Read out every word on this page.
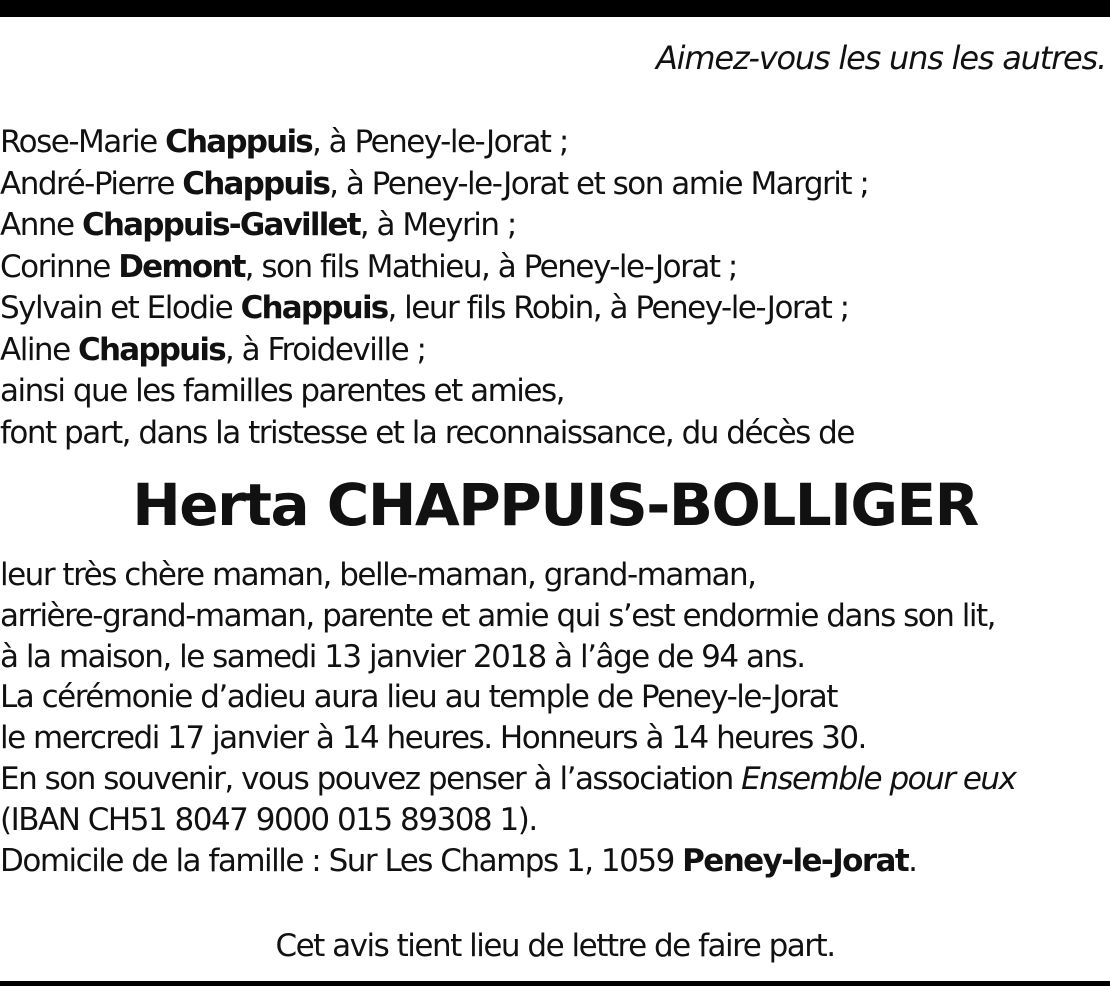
Aimez-vous les uns les autres.
Rose-Marie Chappuis, à Peney-le-Jorat ;
André-Pierre Chappuis, à Peney-le-Jorat et son amie Margrit ;
Anne Chappuis-Gavillet, à Meyrin ;
Corinne Demont, son fils Mathieu, à Peney-le-Jorat ;
Sylvain et Elodie Chappuis, leur fils Robin, à Peney-le-Jorat ;
Aline Chappuis, à Froideville ;
ainsi que les familles parentes et amies,
font part, dans la tristesse et la reconnaissance, du décès de
Herta CHAPPUIS-BOLLIGER
leur très chère maman, belle-maman, grand-maman,
arrière-grand-maman, parente et amie qui s’est endormie dans son lit,
à la maison, le samedi 13 janvier 2018 à l’âge de 94 ans.
La cérémonie d’adieu aura lieu au temple de Peney-le-Jorat
le mercredi 17 janvier à 14 heures. Honneurs à 14 heures 30.
En son souvenir, vous pouvez penser à l’association Ensemble pour eux
(IBAN CH51 8047 9000 015 89308 1).
Domicile de la famille : Sur Les Champs 1, 1059 Peney-le-Jorat.
Cet avis tient lieu de lettre de faire part.
